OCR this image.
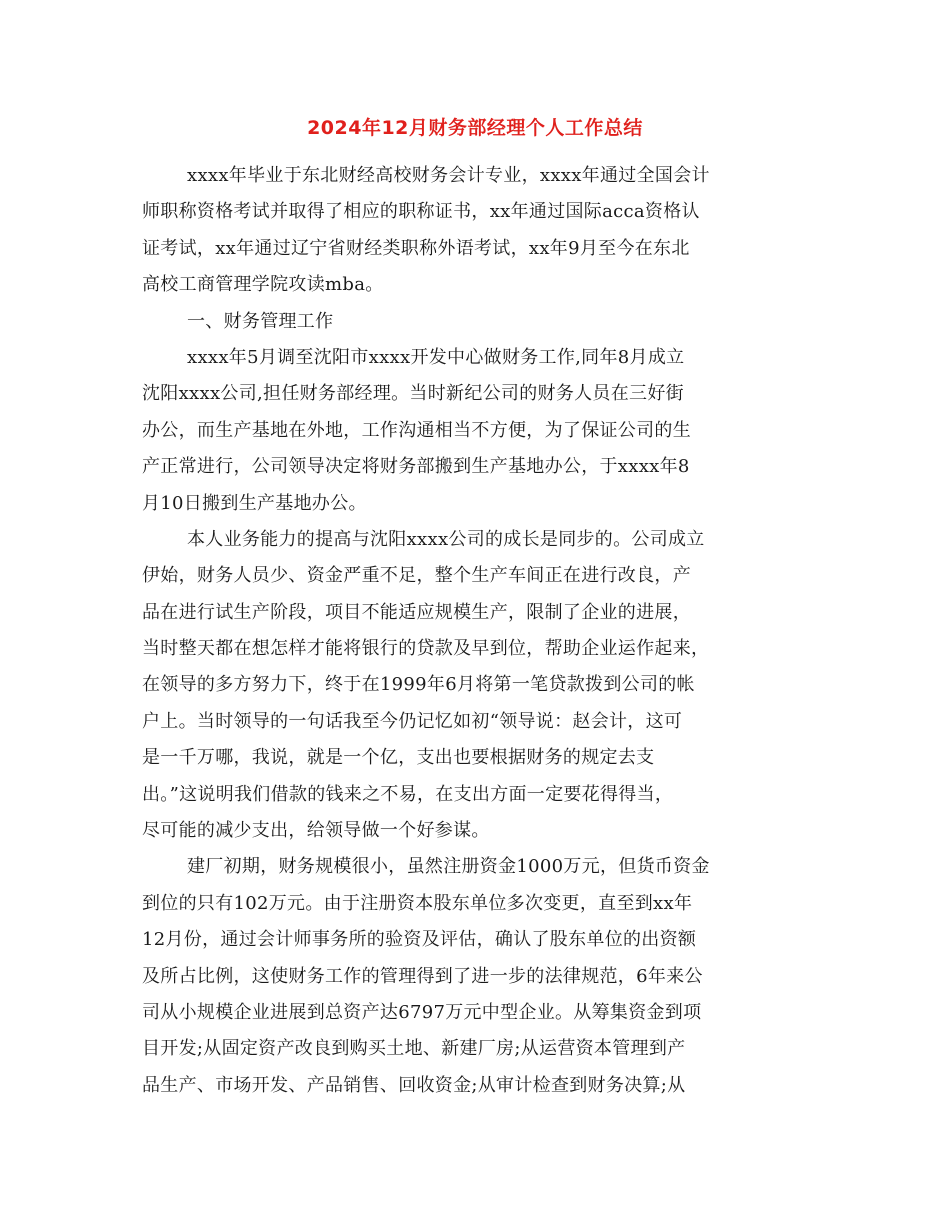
2024年12月财务部经理个人工作总结
xxxx年毕业于东北财经高校财务会计专业，xxxx年通过全国会计
师职称资格考试并取得了相应的职称证书，xx年通过国际acca资格认
证考试，xx年通过辽宁省财经类职称外语考试，xx年9月至今在东北
高校工商管理学院攻读mba。
一、财务管理工作
xxxx年5月调至沈阳市xxxx开发中心做财务工作,同年8月成立
沈阳xxxx公司,担任财务部经理。当时新纪公司的财务人员在三好街
办公，而生产基地在外地，工作沟通相当不方便，为了保证公司的生
产正常进行，公司领导决定将财务部搬到生产基地办公，于xxxx年8
月10日搬到生产基地办公。
本人业务能力的提高与沈阳xxxx公司的成长是同步的。公司成立
伊始，财务人员少、资金严重不足，整个生产车间正在进行改良，产
品在进行试生产阶段，项目不能适应规模生产，限制了企业的进展，
当时整天都在想怎样才能将银行的贷款及早到位，帮助企业运作起来，
在领导的多方努力下，终于在1999年6月将第一笔贷款拨到公司的帐
户上。当时领导的一句话我至今仍记忆如初“领导说：赵会计，这可
是一千万哪，我说，就是一个亿，支出也要根据财务的规定去支
出。”这说明我们借款的钱来之不易，在支出方面一定要花得得当，
尽可能的减少支出，给领导做一个好参谋。
建厂初期，财务规模很小，虽然注册资金1000万元，但货币资金
到位的只有102万元。由于注册资本股东单位多次变更，直至到xx年
12月份，通过会计师事务所的验资及评估，确认了股东单位的出资额
及所占比例，这使财务工作的管理得到了进一步的法律规范，6年来公
司从小规模企业进展到总资产达6797万元中型企业。从筹集资金到项
目开发;从固定资产改良到购买土地、新建厂房;从运营资本管理到产
品生产、市场开发、产品销售、回收资金;从审计检查到财务决算;从
